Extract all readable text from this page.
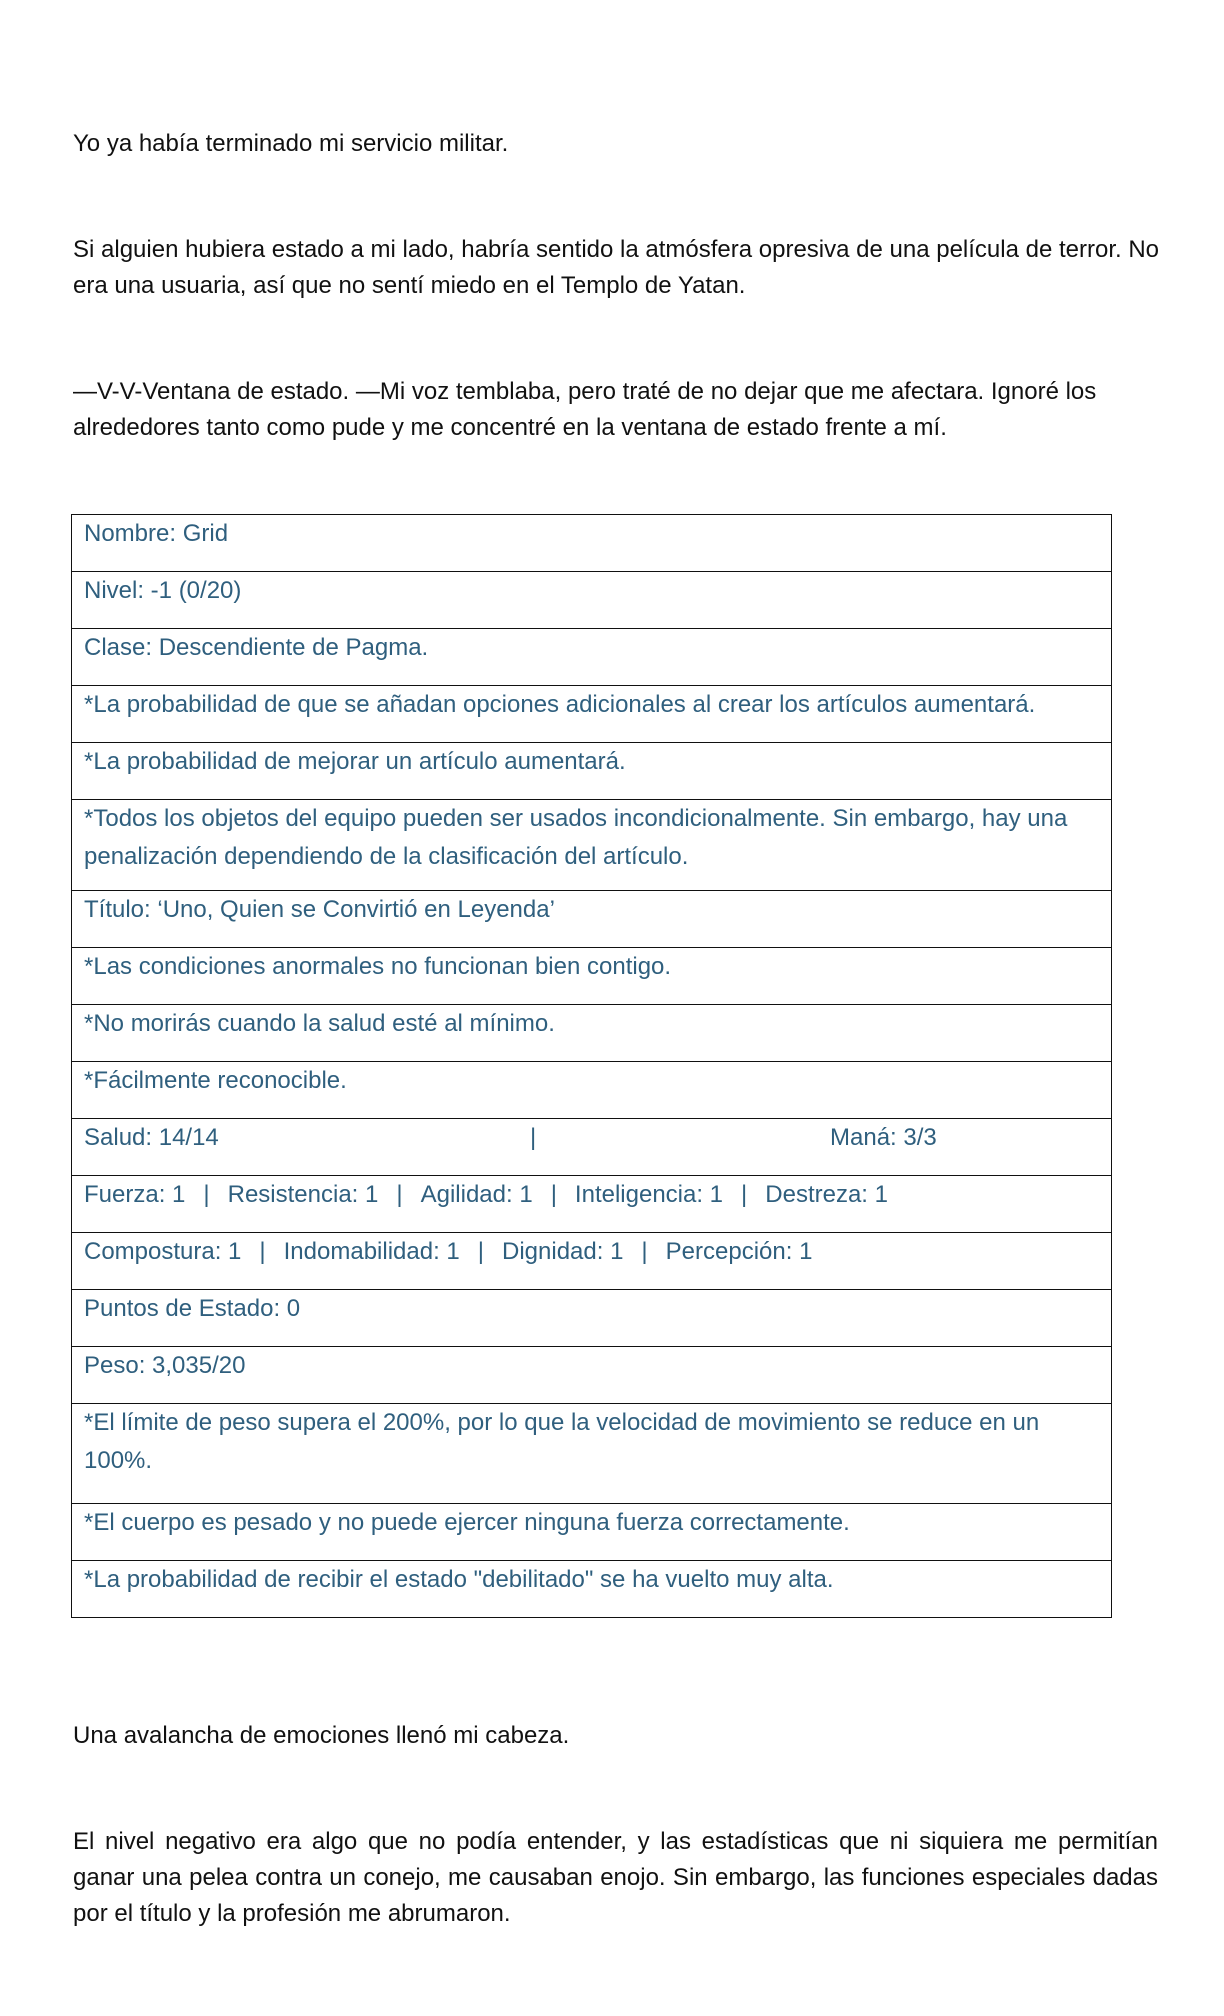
Yo ya había terminado mi servicio militar.

Si alguien hubiera estado a mi lado, habría sentido la atmósfera opresiva de una película de terror. No era una usuaria, así que no sentí miedo en el Templo de Yatan.

—V-V-Ventana de estado. —Mi voz temblaba, pero traté de no dejar que me afectara. Ignoré los alrededores tanto como pude y me concentré en la ventana de estado frente a mí.

Nombre: Grid
Nivel: -1 (0/20)
Clase: Descendiente de Pagma.
*La probabilidad de que se añadan opciones adicionales al crear los artículos aumentará.
*La probabilidad de mejorar un artículo aumentará.
*Todos los objetos del equipo pueden ser usados incondicionalmente. Sin embargo, hay una penalización dependiendo de la clasificación del artículo.
Título: ‘Uno, Quien se Convirtió en Leyenda’
*Las condiciones anormales no funcionan bien contigo.
*No morirás cuando la salud esté al mínimo.
*Fácilmente reconocible.

Salud: 14/14	|	Maná: 3/3

Fuerza: 1 | Resistencia: 1 | Agilidad: 1 | Inteligencia: 1 | Destreza: 1
Compostura: 1 | Indomabilidad: 1 | Dignidad: 1 | Percepción: 1
Puntos de Estado: 0
Peso: 3,035/20
*El límite de peso supera el 200%, por lo que la velocidad de movimiento se reduce en un 100%.
*El cuerpo es pesado y no puede ejercer ninguna fuerza correctamente.
*La probabilidad de recibir el estado "debilitado" se ha vuelto muy alta.

Una avalancha de emociones llenó mi cabeza.

El nivel negativo era algo que no podía entender, y las estadísticas que ni siquiera me permitían ganar una pelea contra un conejo, me causaban enojo. Sin embargo, las funciones especiales dadas por el título y la profesión me abrumaron.
